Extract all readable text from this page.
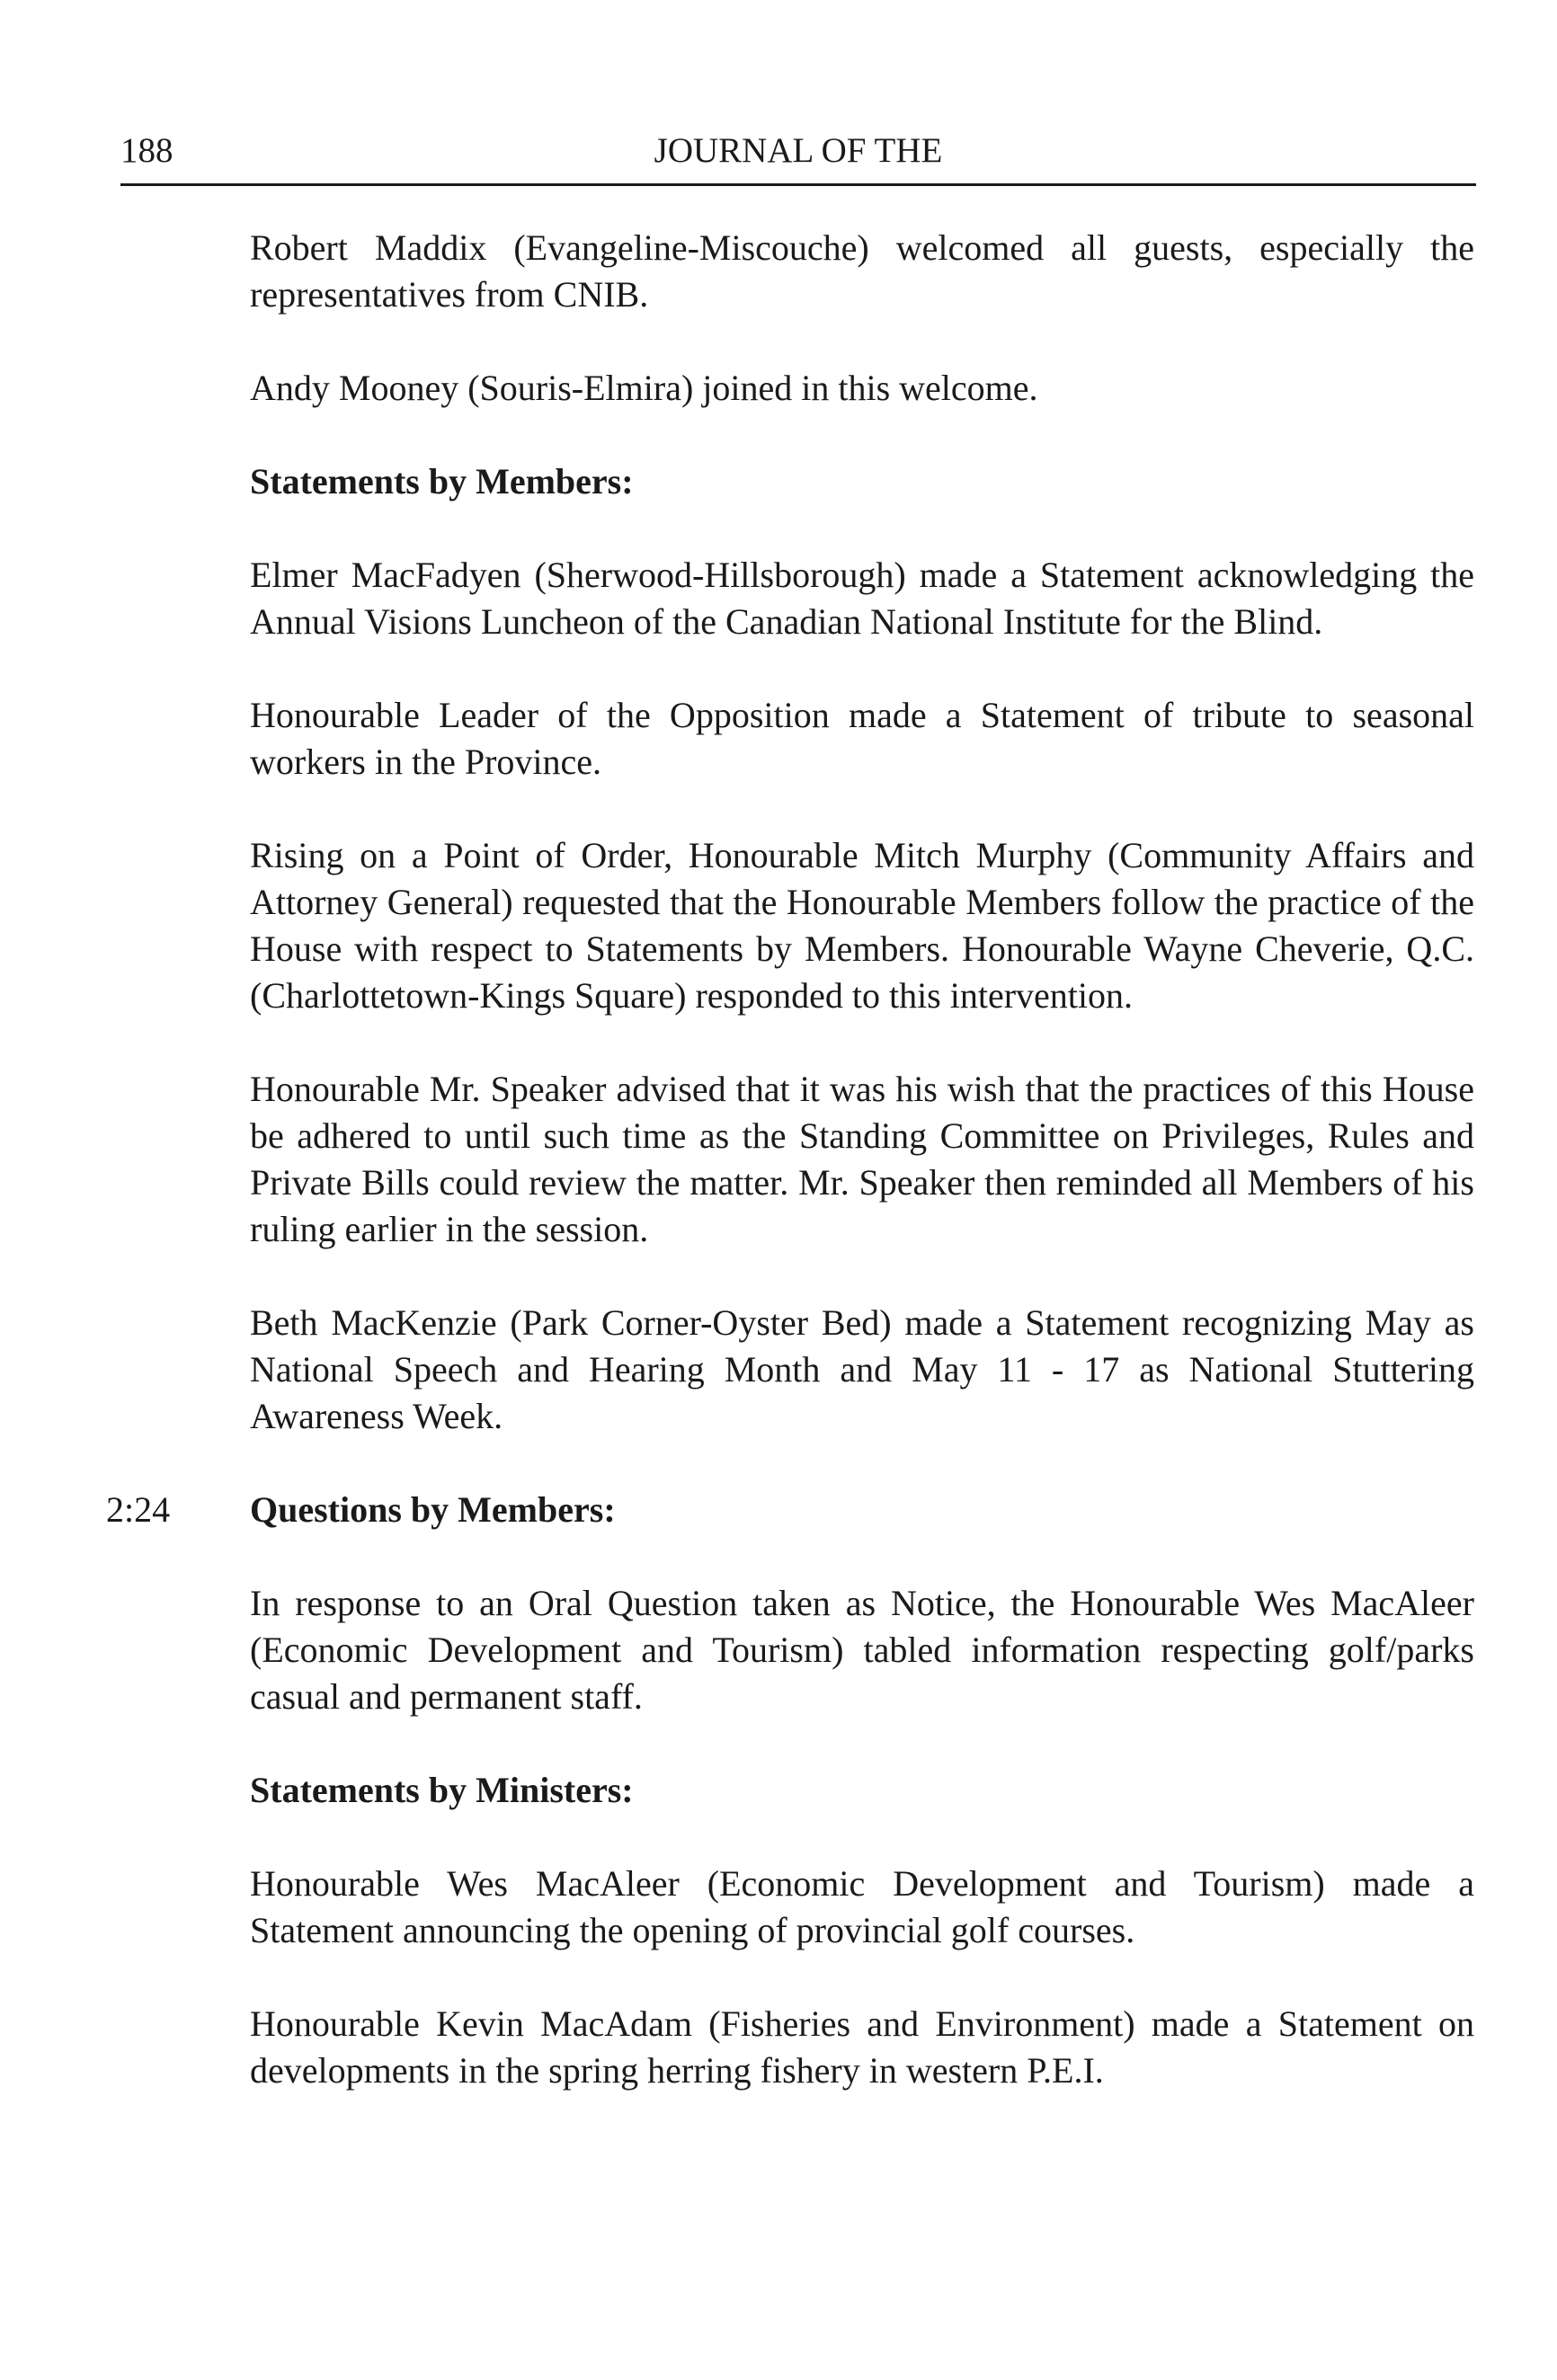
188	JOURNAL OF THE

Robert Maddix (Evangeline-Miscouche) welcomed all guests, especially the representatives from CNIB.

Andy Mooney (Souris-Elmira) joined in this welcome.

Statements by Members:

Elmer MacFadyen (Sherwood-Hillsborough) made a Statement acknowledging the Annual Visions Luncheon of the Canadian National Institute for the Blind.

Honourable Leader of the Opposition made a Statement of tribute to seasonal workers in the Province.

Rising on a Point of Order, Honourable Mitch Murphy (Community Affairs and Attorney General) requested that the Honourable Members follow the practice of the House with respect to Statements by Members. Honourable Wayne Cheverie, Q.C. (Charlottetown-Kings Square) responded to this intervention.

Honourable Mr. Speaker advised that it was his wish that the practices of this House be adhered to until such time as the Standing Committee on Privileges, Rules and Private Bills could review the matter. Mr. Speaker then reminded all Members of his ruling earlier in the session.

Beth MacKenzie (Park Corner-Oyster Bed) made a Statement recognizing May as National Speech and Hearing Month and May 11 - 17 as National Stuttering Awareness Week.

2:24 Questions by Members:

In response to an Oral Question taken as Notice, the Honourable Wes MacAleer (Economic Development and Tourism) tabled information respecting golf/parks casual and permanent staff.

Statements by Ministers:

Honourable Wes MacAleer (Economic Development and Tourism) made a Statement announcing the opening of provincial golf courses.

Honourable Kevin MacAdam (Fisheries and Environment) made a Statement on developments in the spring herring fishery in western P.E.I.
